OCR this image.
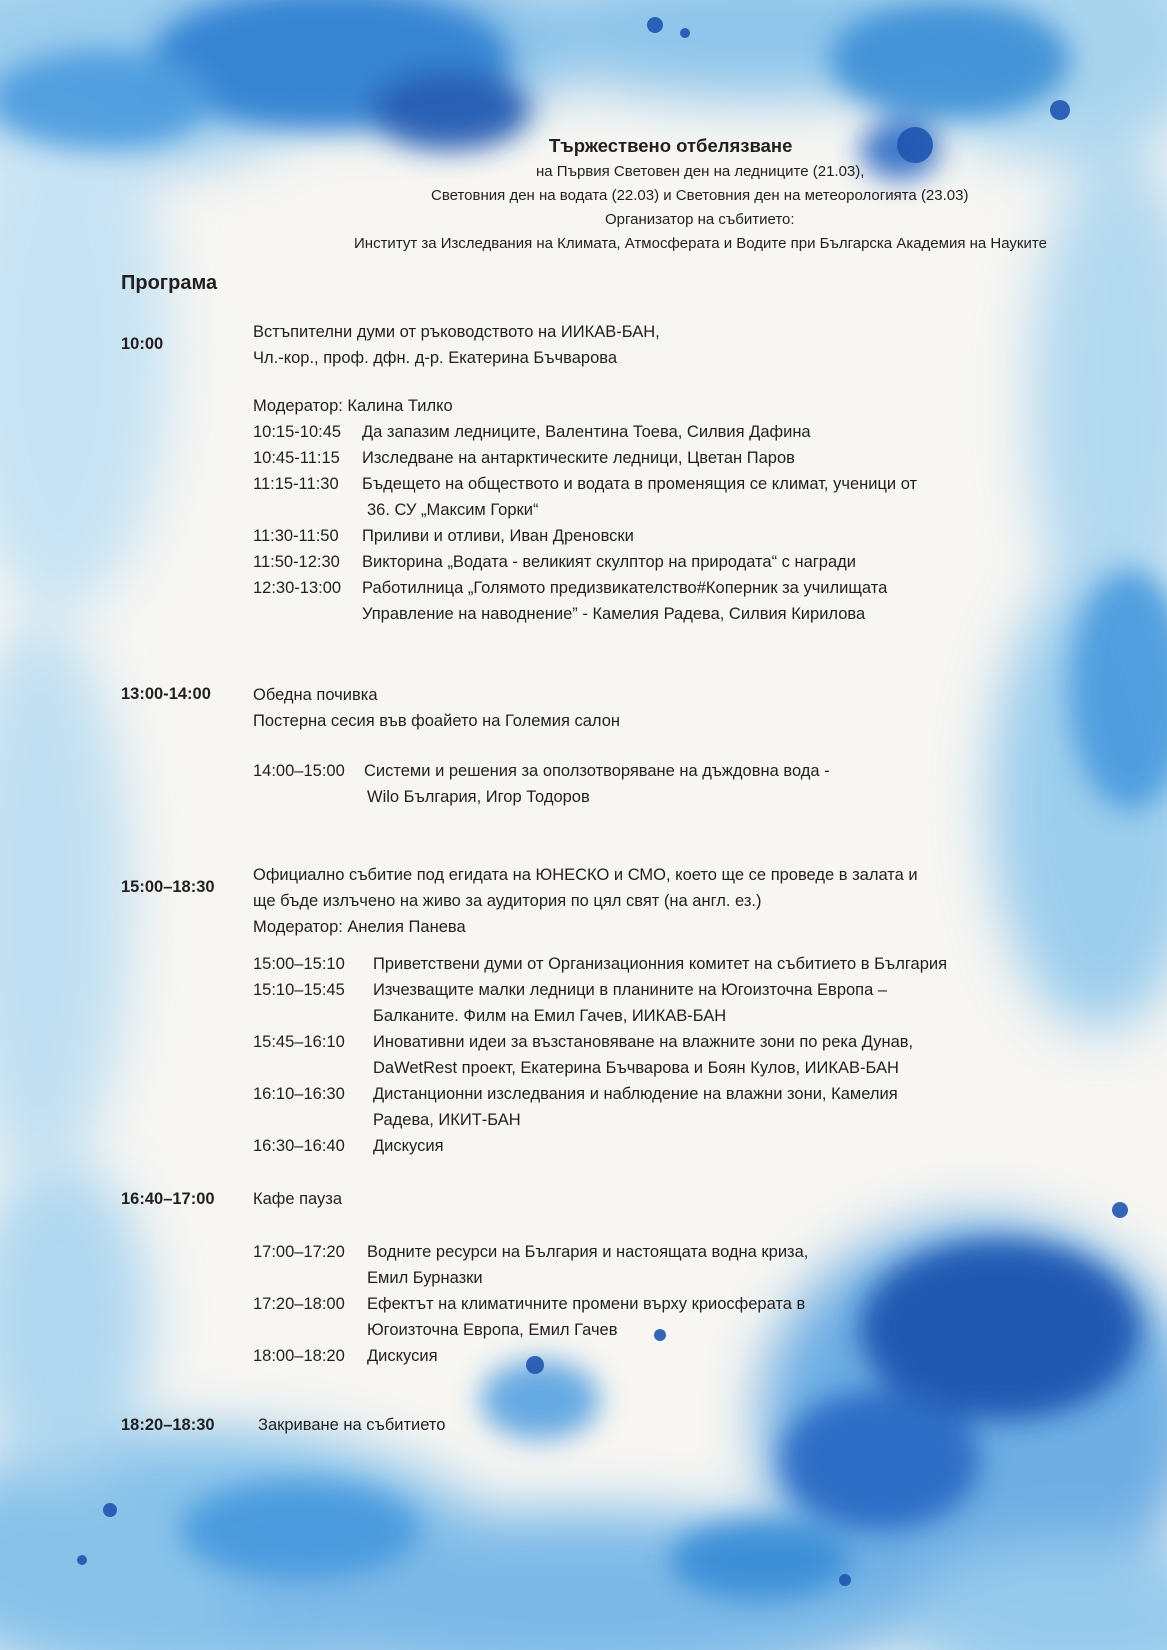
Тържествено отбелязване
на Първия Световен ден на ледниците (21.03),
Световния ден на водата (22.03) и Световния ден на метеорологията (23.03)
Организатор на събитието:
Институт за Изследвания на Климата, Атмосферата и Водите при Българска Академия на Науките
Програма
10:00
Встъпителни думи от ръководството на ИИКАВ-БАН,
Чл.-кор., проф. дфн. д-р. Екатерина Бъчварова
Модератор: Калина Тилко
10:15-10:45 Да запазим ледниците, Валентина Тоева, Силвия Дафина
10:45-11:15 Изследване на антарктическите ледници, Цветан Паров
11:15-11:30 Бъдещето на обществото и водата в променящия се климат, ученици от
36. СУ „Максим Горки“
11:30-11:50 Приливи и отливи, Иван Дреновски
11:50-12:30 Викторина „Водата - великият скулптор на природата“ с награди
12:30-13:00 Работилница „Голямото предизвикателство#Коперник за училищата
Управление на наводнение” - Камелия Радева, Силвия Кирилова
13:00-14:00	Обедна почивка
Постерна сесия във фоайето на Големия салон
14:00–15:00 Системи и решения за оползотворяване на дъждовна вода -
Wilo България, Игор Тодоров
15:00–18:30
Официално събитие под егидата на ЮНЕСКО и СМО, което ще се проведе в залата и
ще бъде излъчено на живо за аудитория по цял свят (на англ. ез.)
Модератор: Анелия Панева
15:00–15:10 Приветствени думи от Организационния комитет на събитието в България
15:10–15:45 Изчезващите малки ледници в планините на Югоизточна Европа –
Балканите. Филм на Емил Гачев, ИИКАВ-БАН
15:45–16:10 Иновативни идеи за възстановяване на влажните зони по река Дунав,
DaWetRest проект, Екатерина Бъчварова и Боян Кулов, ИИКАВ-БАН
16:10–16:30 Дистанционни изследвания и наблюдение на влажни зони, Камелия
Радева, ИКИТ-БАН
16:30–16:40 Дискусия
16:40–17:00 Кафе пауза
17:00–17:20 Водните ресурси на България и настоящата водна криза,
Емил Бурназки
17:20–18:00 Ефектът на климатичните промени върху криосферата в
Югоизточна Европа, Емил Гачев
18:00–18:20 Дискусия
18:20–18:30	Закриване на събитието
